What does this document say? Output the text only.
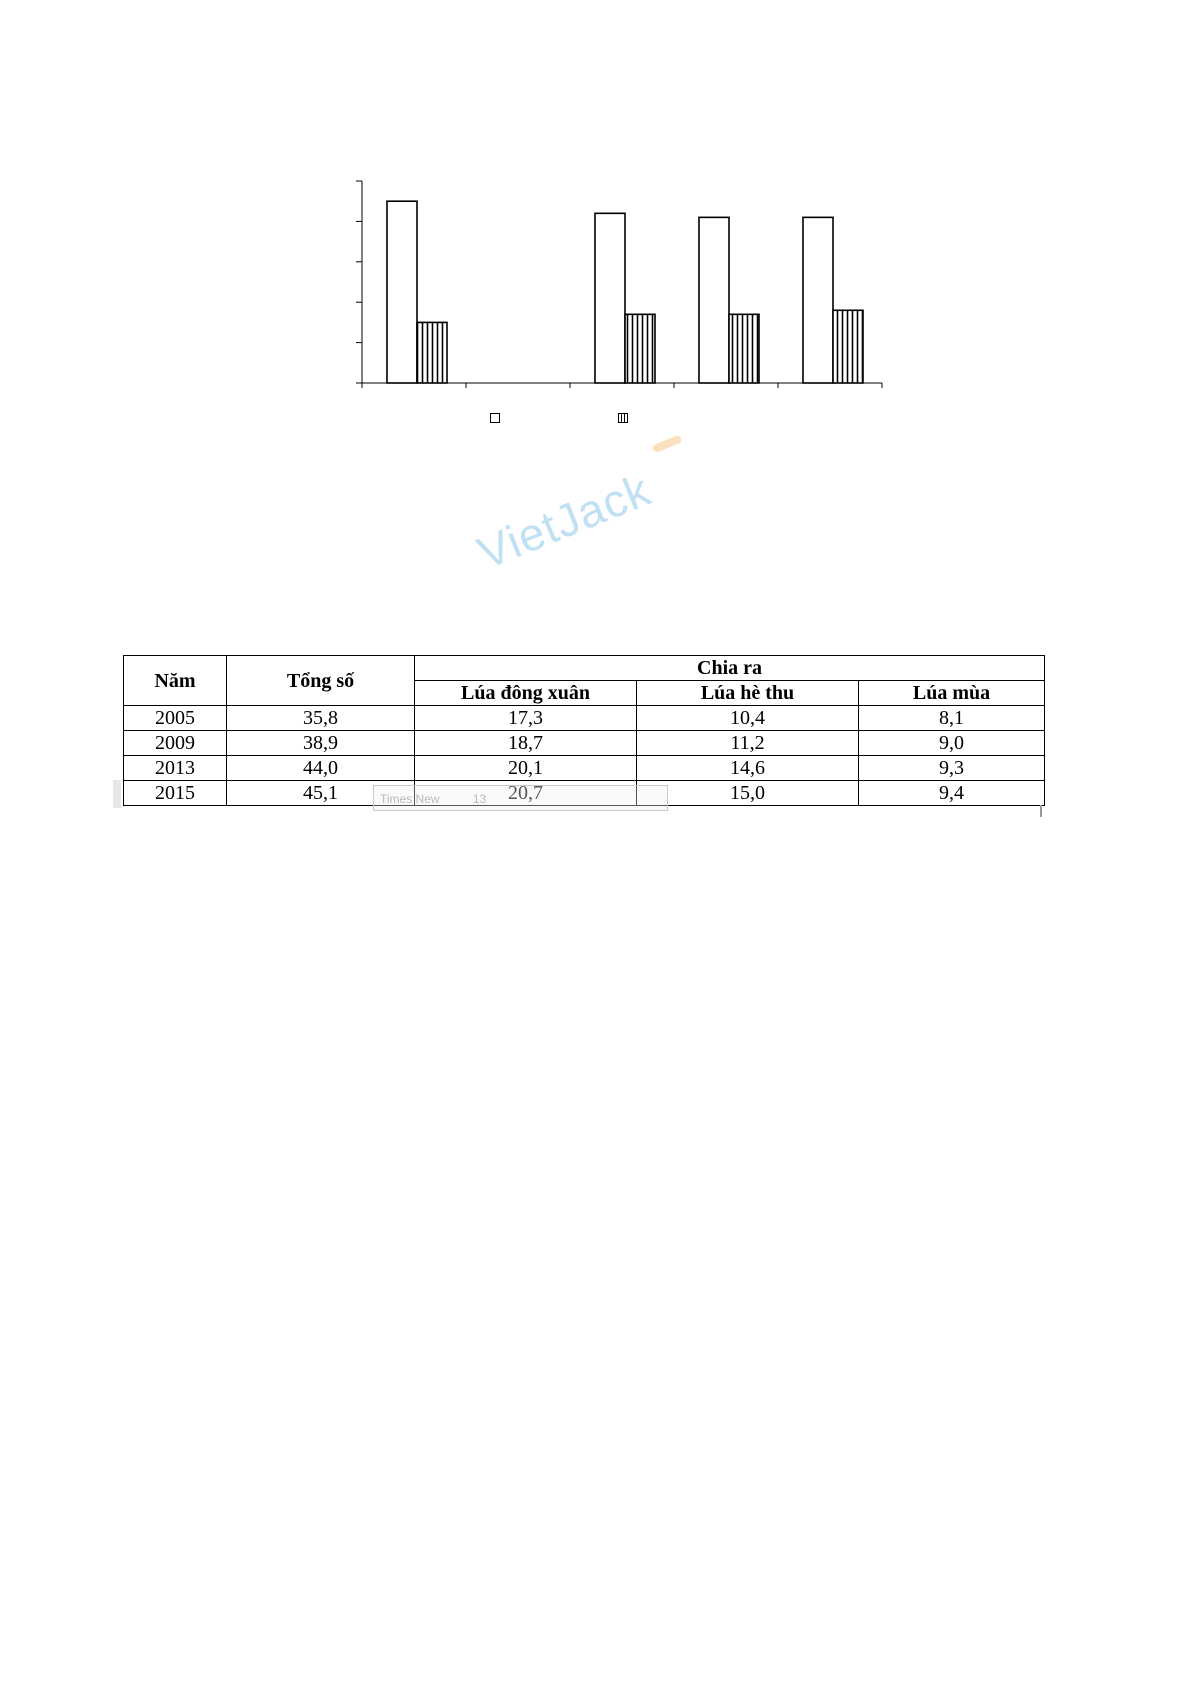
VietJack
Năm	Tổng số	Chia ra		
		Lúa đông xuân	Lúa hè thu	Lúa mùa
2005	35,8	17,3	10,4	8,1
2009	38,9	18,7	11,2	9,0
2013	44,0	20,1	14,6	9,3
2015	45,1	20,7	15,0	9,4
Times New	13
